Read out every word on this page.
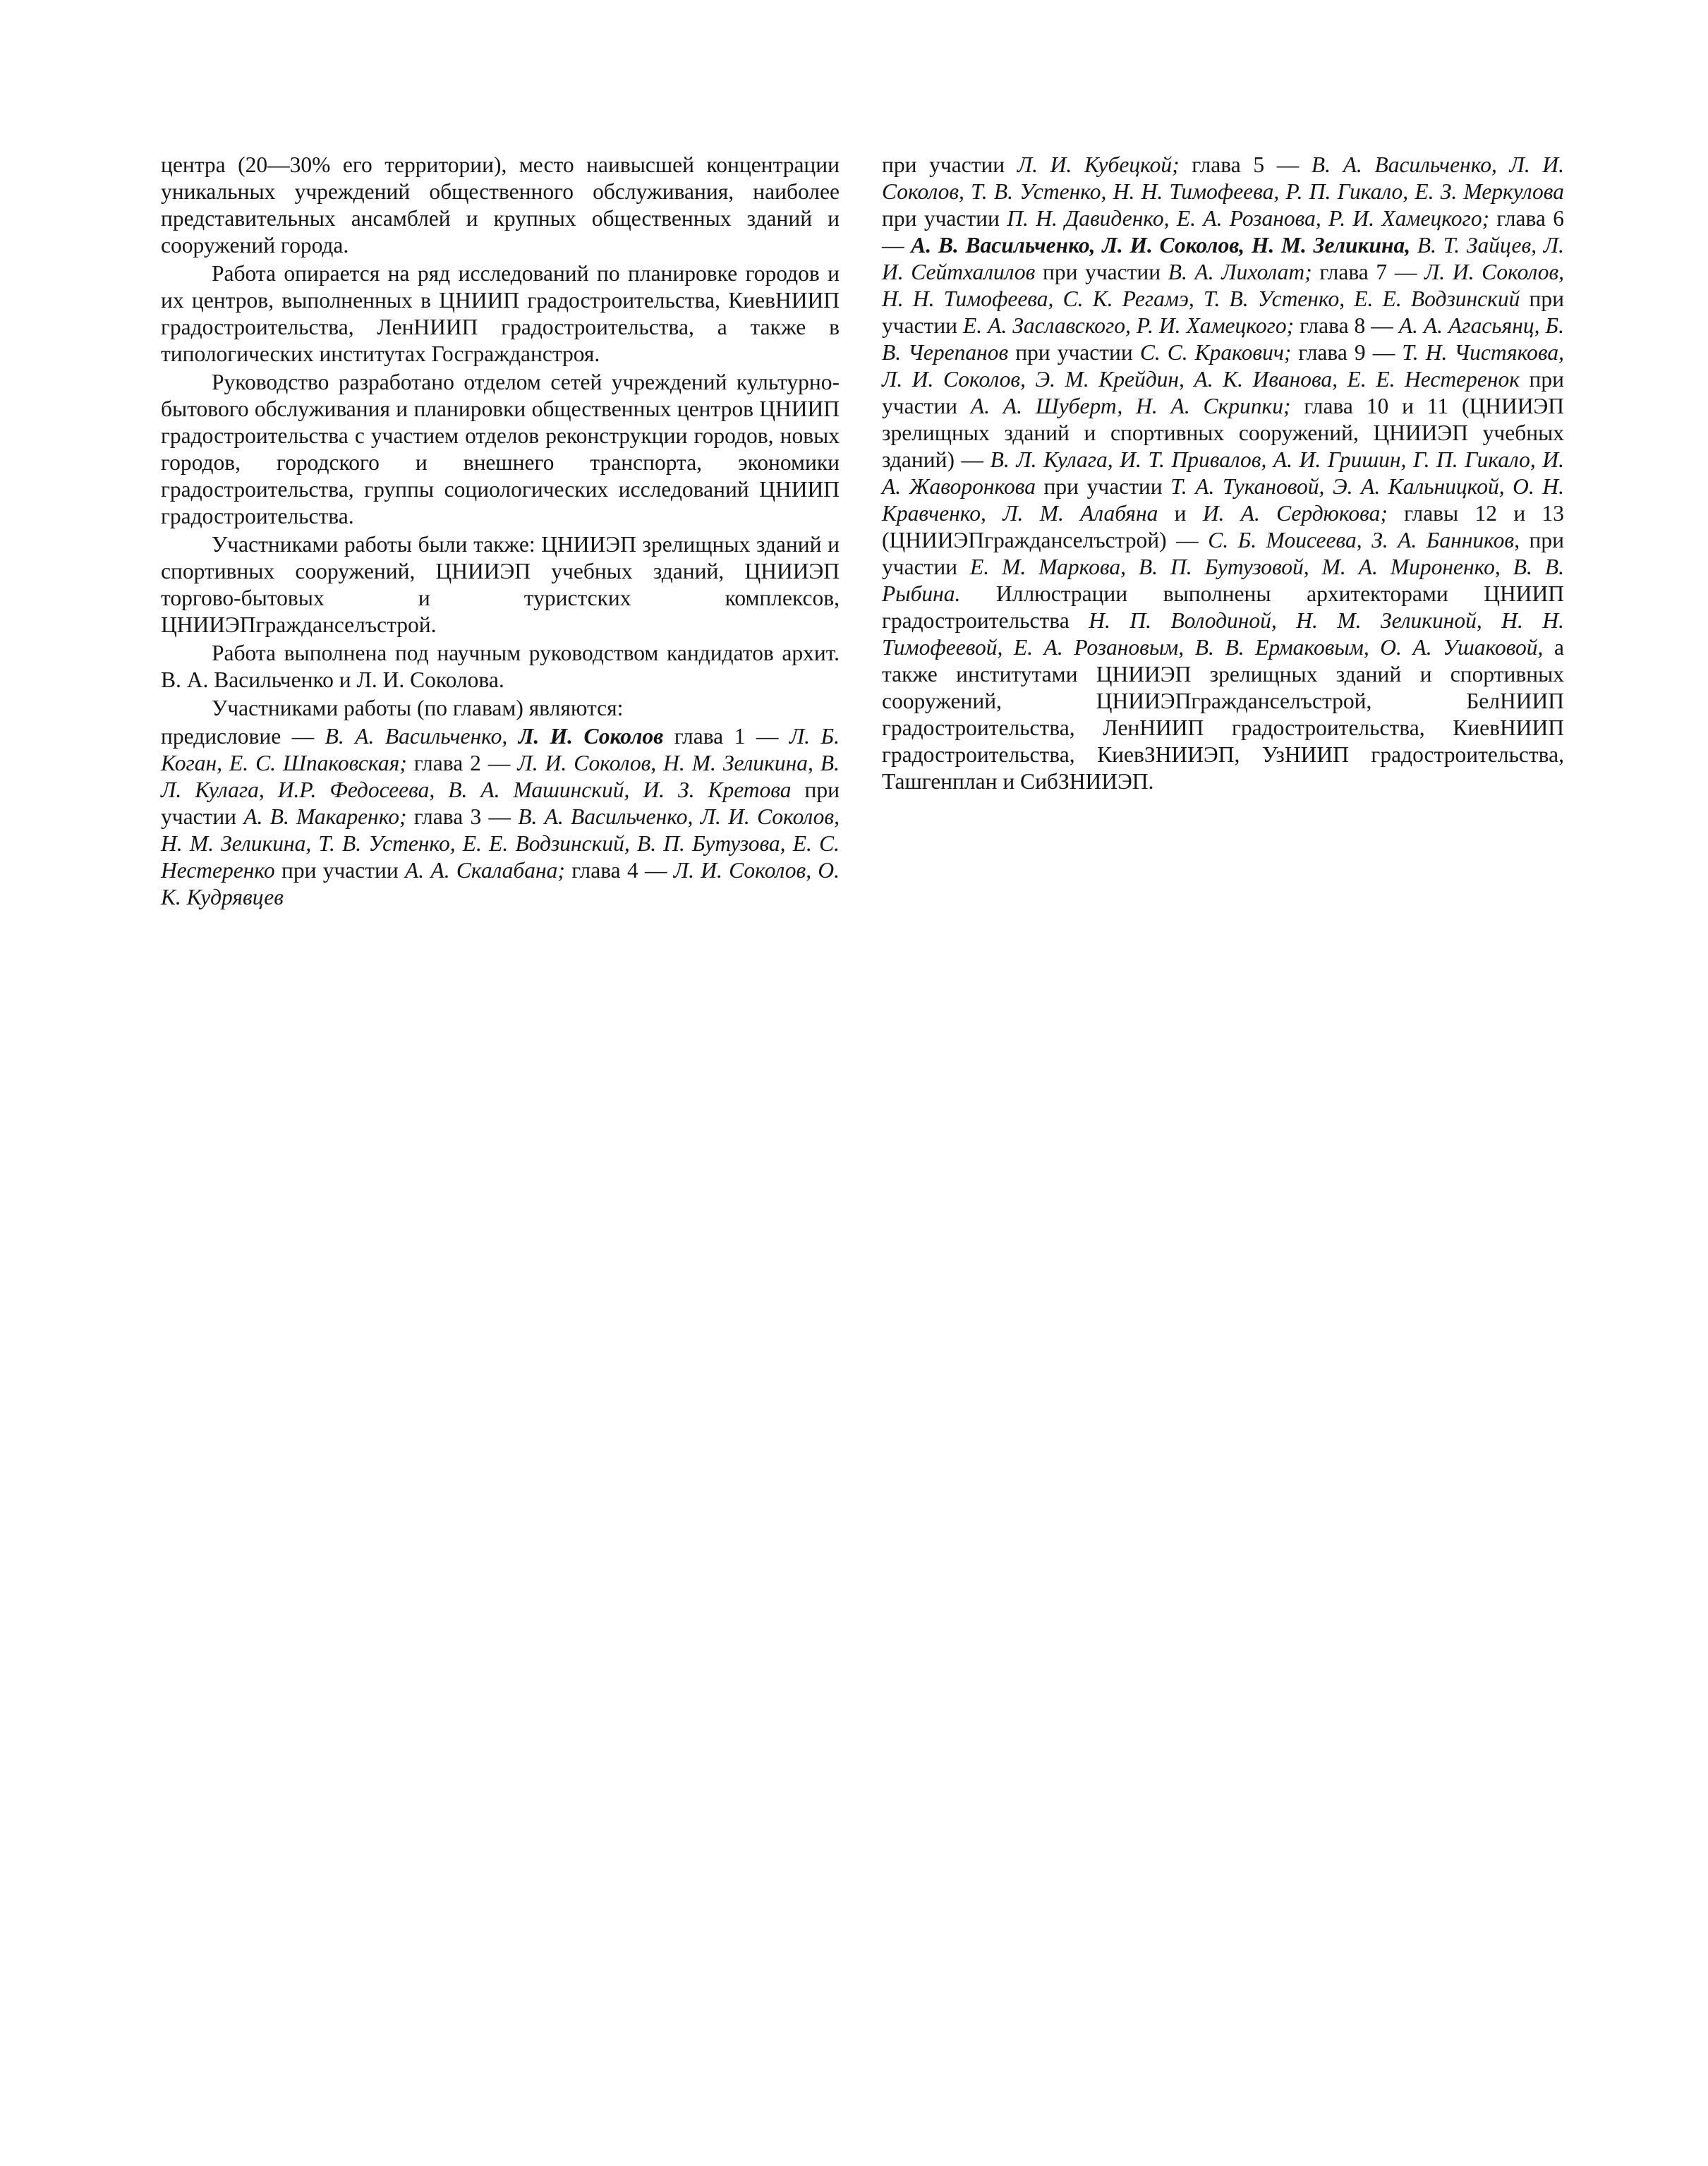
центра (20—30% его территории), место наивысшей концентрации уникальных учреждений общественного обслуживания, наиболее представительных ансамблей и крупных общественных зданий и сооружений города.

Работа опирается на ряд исследований по планировке городов и их центров, выполненных в ЦНИИП градостроительства, КиевНИИП градостроительства, ЛенНИИП градостроительства, а также в типологических институтах Госгражданстроя.

Руководство разработано отделом сетей учреждений культурно-бытового обслуживания и планировки общественных центров ЦНИИП градостроительства с участием отделов реконструкции городов, новых городов, городского и внешнего транспорта, экономики градостроительства, группы социологических исследований ЦНИИП градостроительства.

Участниками работы были также: ЦНИИЭП зрелищных зданий и спортивных сооружений, ЦНИИЭП учебных зданий, ЦНИИЭП торгово-бытовых и туристских комплексов, ЦНИИЭПгражданселъстрой.

Работа выполнена под научным руководством кандидатов архит. В. А. Васильченко и Л. И. Соколова.

Участниками работы (по главам) являются:

предисловие — В. А. Васильченко, Л. И. Соколов глава 1 — Л. Б. Коган, Е. С. Шпаковская; глава 2 — Л. И. Соколов, Н. М. Зеликина, В. Л. Кулага, И.Р. Федосеева, В. А. Машинский, И. З. Кретова при участии А. В. Макаренко; глава 3 — В. А. Васильченко, Л. И. Соколов, Н. М. Зеликина, Т. В. Устенко, Е. Е. Водзинский, В. П. Бутузова, Е. С. Нестеренко при участии А. А. Скалабана; глава 4 — Л. И. Соколов, О. К. Кудрявцев

при участии Л. И. Кубецкой; глава 5 — В. А. Васильченко, Л. И. Соколов, Т. В. Устенко, Н. Н. Тимофеева, Р. П. Гикало, Е. З. Меркулова при участии П. Н. Давиденко, Е. А. Розанова, Р. И. Хамецкого; глава 6 — А. В. Васильченко, Л. И. Соколов, Н. М. Зеликина, В. Т. Зайцев, Л. И. Сейтхалилов при участии В. А. Лихолат; глава 7 — Л. И. Соколов, Н. Н. Тимофеева, С. К. Регамэ, Т. В. Устенко, Е. Е. Водзинский при участии Е. А. Заславского, Р. И. Хамецкого; глава 8 — А. А. Агасьянц, Б. В. Черепанов при участии С. С. Кракович; глава 9 — Т. Н. Чистякова, Л. И. Соколов, Э. М. Крейдин, А. К. Иванова, Е. Е. Нестеренок при участии А. А. Шуберт, Н. А. Скрипки; глава 10 и 11 (ЦНИИЭП зрелищных зданий и спортивных сооружений, ЦНИИЭП учебных зданий) — В. Л. Кулага, И. Т. Привалов, А. И. Гришин, Г. П. Гикало, И. А. Жаворонкова при участии Т. А. Тукановой, Э. А. Кальницкой, О. Н. Кравченко, Л. М. Алабяна и И. А. Сердюкова; главы 12 и 13 (ЦНИИЭПгражданселъстрой) — С. Б. Моисеева, З. А. Банников, при участии Е. М. Маркова, В. П. Бутузовой, М. А. Мироненко, В. В. Рыбина. Иллюстрации выполнены архитекторами ЦНИИП градостроительства Н. П. Володиной, Н. М. Зеликиной, Н. Н. Тимофеевой, Е. А. Розановым, В. В. Ермаковым, О. А. Ушаковой, а также институтами ЦНИИЭП зрелищных зданий и спортивных сооружений, ЦНИИЭПгражданселъстрой, БелНИИП градостроительства, ЛенНИИП градостроительства, КиевНИИП градостроительства, КиевЗНИИЭП, УзНИИП градостроительства, Ташгенплан и СибЗНИИЭП.
